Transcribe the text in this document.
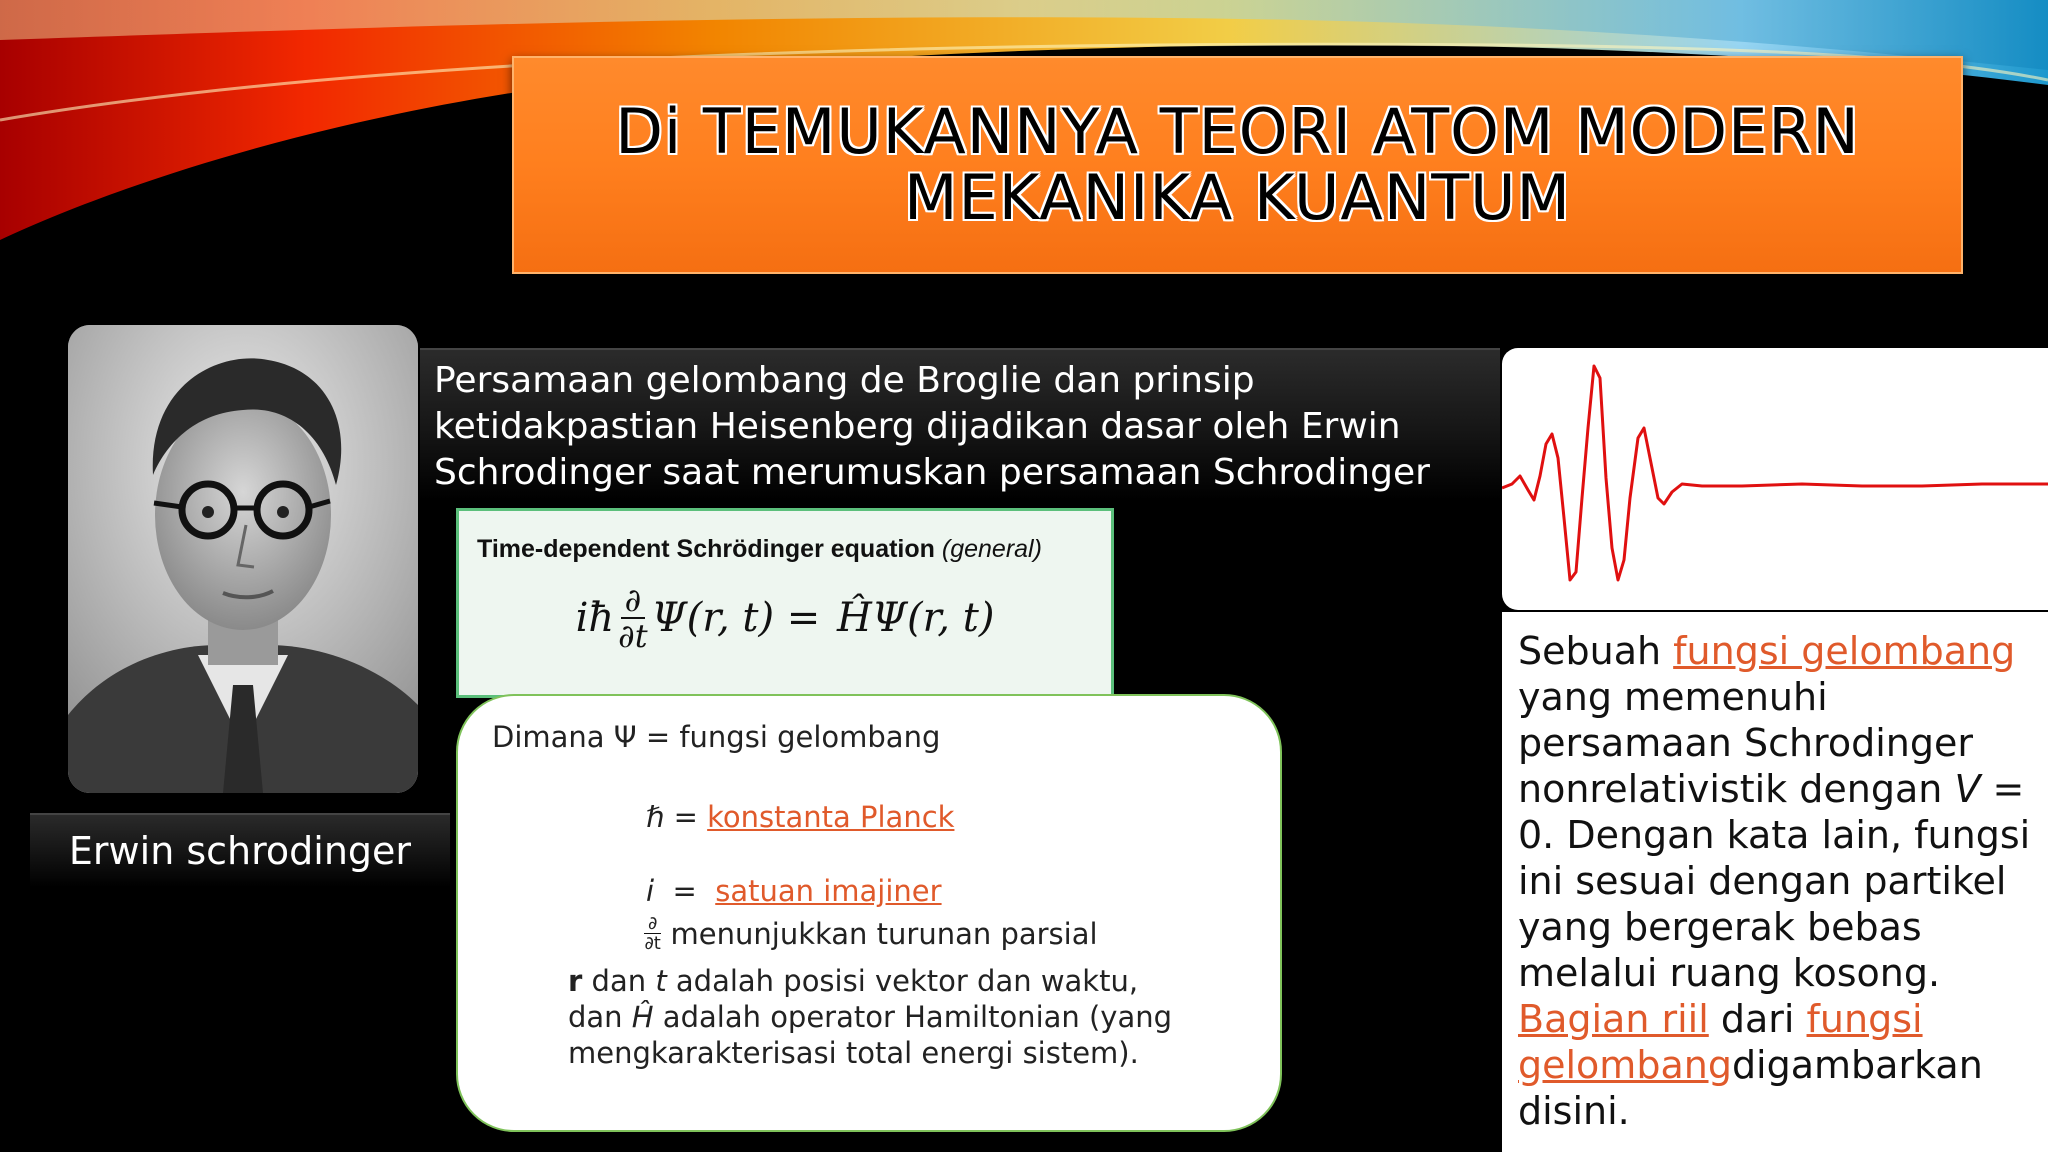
Di TEMUKANNYA TEORI ATOM MODERN
MEKANIKA KUANTUM
Erwin schrodinger
Persamaan gelombang de Broglie dan prinsip ketidakpastian Heisenberg dijadikan dasar oleh Erwin Schrodinger saat merumuskan persamaan Schrodinger
Time-dependent Schrödinger equation (general)
iħ $\frac{\partial}{\partial t} \Psi(r$, t) = ĤΨ(r, t)
Dimana Ψ = fungsi gelombang
ℏ = konstanta Planck
i  =  satuan imajiner
$\frac{\partial}{\partial t}$ menunjukkan turunan parsial
r dan t adalah posisi vektor dan waktu,
dan Ĥ adalah operator Hamiltonian (yang
mengkarakterisasi total energi sistem).
Sebuah fungsi gelombang yang memenuhi persamaan Schrodinger nonrelativistik dengan V = 0. Dengan kata lain, fungsi ini sesuai dengan partikel yang bergerak bebas melalui ruang kosong. Bagian riil dari fungsi gelombangdigambarkan disini.
